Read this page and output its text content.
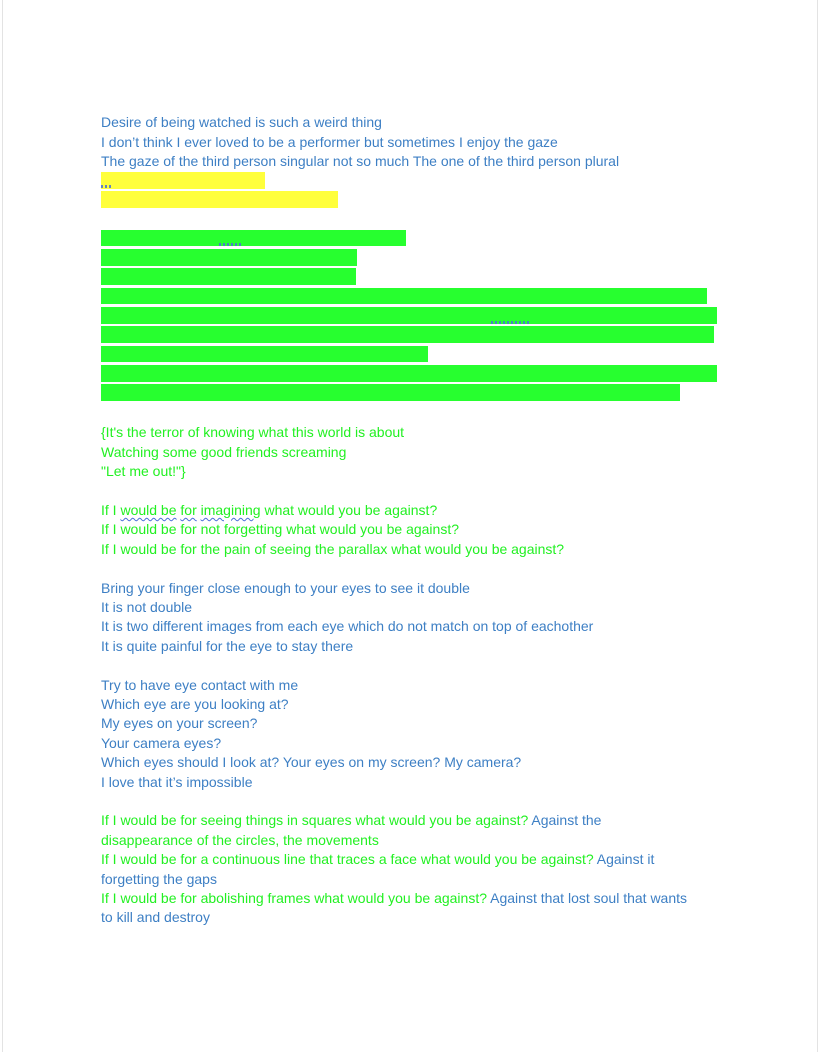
Desire of being watched is such a weird thing
I don’t think I ever loved to be a performer but sometimes I enjoy the gaze
The gaze of the third person singular not so much The one of the third person plural
{It's the terror of knowing what this world is about
Watching some good friends screaming
"Let me out!"}
If I would be for imagining what would you be against?
If I would be for not forgetting what would you be against?
If I would be for the pain of seeing the parallax what would you be against?
Bring your finger close enough to your eyes to see it double
It is not double
It is two different images from each eye which do not match on top of eachother
It is quite painful for the eye to stay there
Try to have eye contact with me
Which eye are you looking at?
My eyes on your screen?
Your camera eyes?
Which eyes should I look at? Your eyes on my screen? My camera?
I love that it’s impossible
If I would be for seeing things in squares what would you be against? Against the
disappearance of the circles, the movements
If I would be for a continuous line that traces a face what would you be against? Against it
forgetting the gaps
If I would be for abolishing frames what would you be against? Against that lost soul that wants
to kill and destroy
